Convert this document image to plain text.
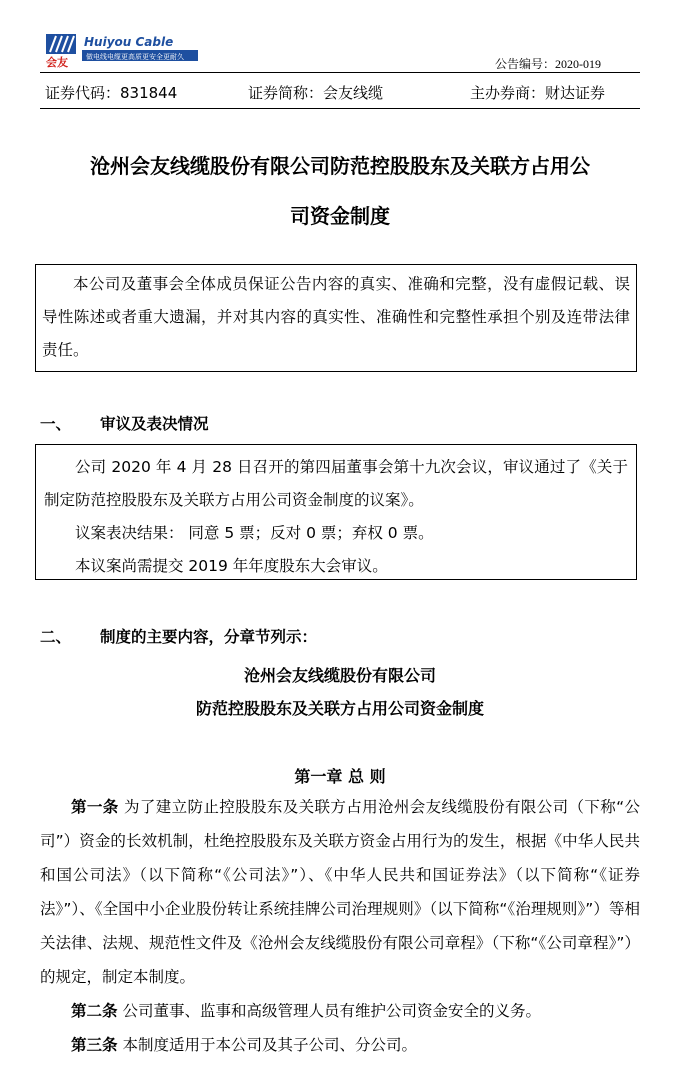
Huiyou Cable
做电线电缆更高质更安全更耐久
会友	公告编号：2020-019
证券代码：831844	证券简称：会友线缆	主办券商：财达证券
沧州会友线缆股份有限公司防范控股股东及关联方占用公
司资金制度

本公司及董事会全体成员保证公告内容的真实、准确和完整，没有虚假记载、误导性陈述或者重大遗漏，并对其内容的真实性、准确性和完整性承担个别及连带法律责任。

一、 审议及表决情况

公司 2020 年 4 月 28 日召开的第四届董事会第十九次会议，审议通过了《关于制定防范控股股东及关联方占用公司资金制度的议案》。

议案表决结果： 同意 5 票；反对 0 票；弃权 0 票。

本议案尚需提交 2019 年年度股东大会审议。

二、 制度的主要内容，分章节列示：
沧州会友线缆股份有限公司
防范控股股东及关联方占用公司资金制度
第一章 总 则

第一条 为了建立防止控股股东及关联方占用沧州会友线缆股份有限公司（下称“公司”）资金的长效机制，杜绝控股股东及关联方资金占用行为的发生，根据《中华人民共和国公司法》（以下简称“《公司法》”）、《中华人民共和国证券法》（以下简称“《证券法》”）、《全国中小企业股份转让系统挂牌公司治理规则》（以下简称“《治理规则》”）等相关法律、法规、规范性文件及《沧州会友线缆股份有限公司章程》（下称“《公司章程》”）的规定，制定本制度。

第二条 公司董事、监事和高级管理人员有维护公司资金安全的义务。

第三条 本制度适用于本公司及其子公司、分公司。
